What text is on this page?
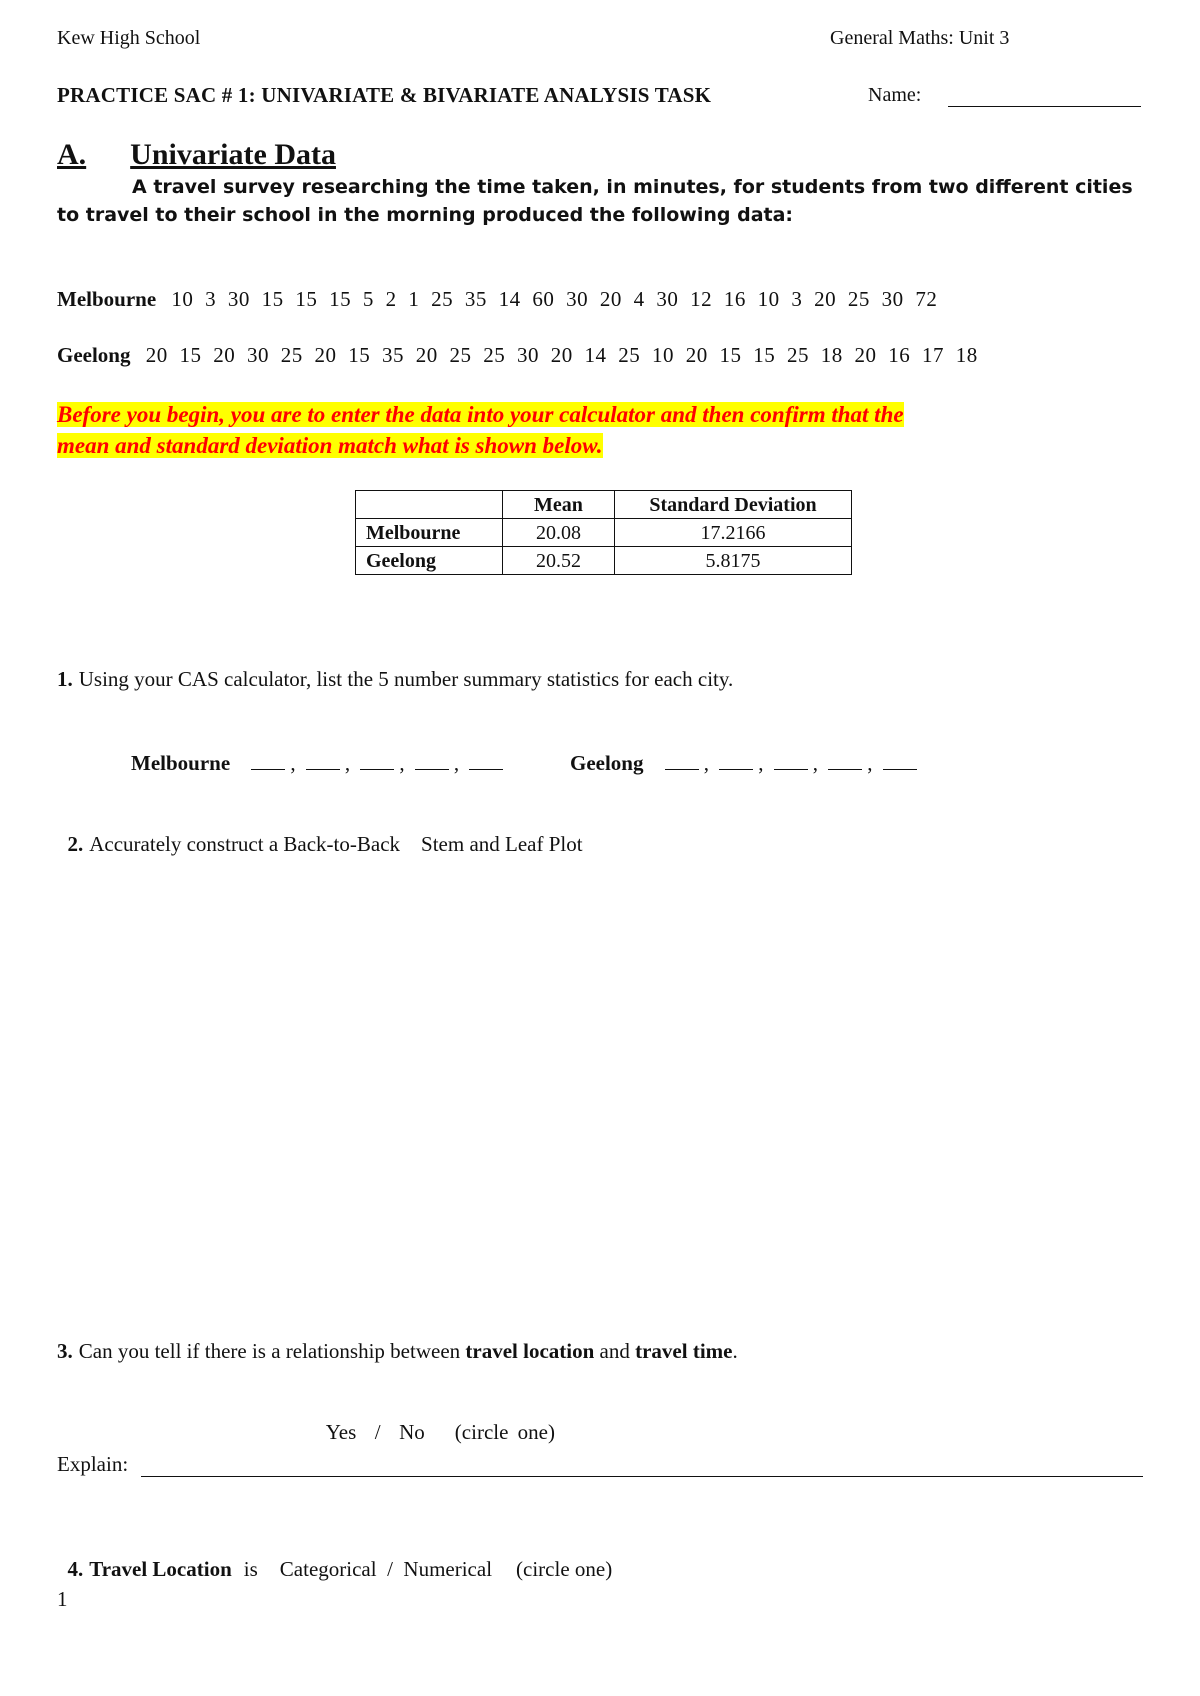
Kew High School	General Maths: Unit 3
PRACTICE SAC # 1: UNIVARIATE & BIVARIATE ANALYSIS TASK	Name:
A. Univariate Data
A travel survey researching the time taken, in minutes, for students from two different cities to travel to their school in the morning produced the following data:
Melbourne 10 3 30 15 15 15 5 2 1 25 35 14 60 30 20 4 30 12 16 10 3 20 25 30 72
Geelong 20 15 20 30 25 20 15 35 20 25 25 30 20 14 25 10 20 15 15 25 18 20 16 17 18
Before you begin, you are to enter the data into your calculator and then confirm that the
mean and standard deviation match what is shown below.
	Mean	Standard Deviation
Melbourne	20.08	17.2166
Geelong	20.52	5.8175
1. Using your CAS calculator, list the 5 number summary statistics for each city.
Melbourne	, , , ,	Geelong	, , , ,

2. Accurately construct a Back-to-Back    Stem and Leaf Plot

3. Can you tell if there is a relationship between travel location and travel time.

Yes  /  No (circle one)

Explain:

4. Travel Location is Categorical  /  Numerical (circle one)

1
